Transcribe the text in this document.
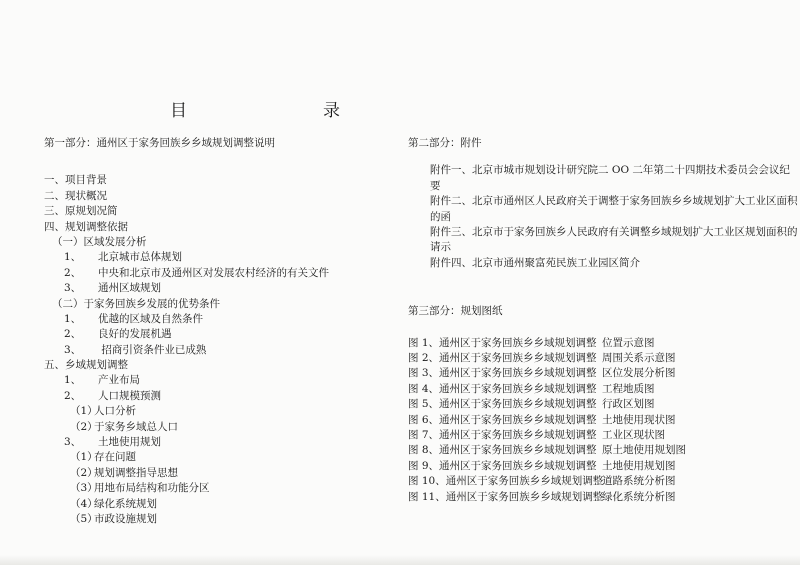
目	录
第一部分：通州区于家务回族乡乡域规划调整说明
一、项目背景
二、现状概况
三、原规划况简
四、规划调整依据
（一）区域发展分析
1、 北京城市总体规划
2、 中央和北京市及通州区对发展农村经济的有关文件
3、 通州区域规划
（二）于家务回族乡发展的优势条件
1、 优越的区域及自然条件
2、 良好的发展机遇
3、 招商引资条件业已成熟
五、乡域规划调整
1、 产业布局
2、 人口规模预测
（1）人口分析
（2）于家务乡域总人口
3、 土地使用规划
（1）存在问题
（2）规划调整指导思想
（3）用地布局结构和功能分区
（4）绿化系统规划
（5）市政设施规划
第二部分：附件
附件一、北京市城市规划设计研究院二 OO 二年第二十四期技术委员会会议纪要
附件二、北京市通州区人民政府关于调整于家务回族乡乡域规划扩大工业区面积的函
附件三、北京市于家务回族乡人民政府有关调整乡域规划扩大工业区规划面积的请示
附件四、北京市通州聚富苑民族工业园区简介
第三部分：规划图纸
图 1、通州区于家务回族乡乡域规划调整 位置示意图
图 2、通州区于家务回族乡乡域规划调整 周围关系示意图
图 3、通州区于家务回族乡乡域规划调整 区位发展分析图
图 4、通州区于家务回族乡乡域规划调整 工程地质图
图 5、通州区于家务回族乡乡域规划调整 行政区划图
图 6、通州区于家务回族乡乡域规划调整 土地使用现状图
图 7、通州区于家务回族乡乡域规划调整 工业区现状图
图 8、通州区于家务回族乡乡域规划调整 原土地使用规划图
图 9、通州区于家务回族乡乡域规划调整 土地使用规划图
图 10、通州区于家务回族乡乡域规划调整
道路系统分析图
图 11、通州区于家务回族乡乡域规划调整
绿化系统分析图
